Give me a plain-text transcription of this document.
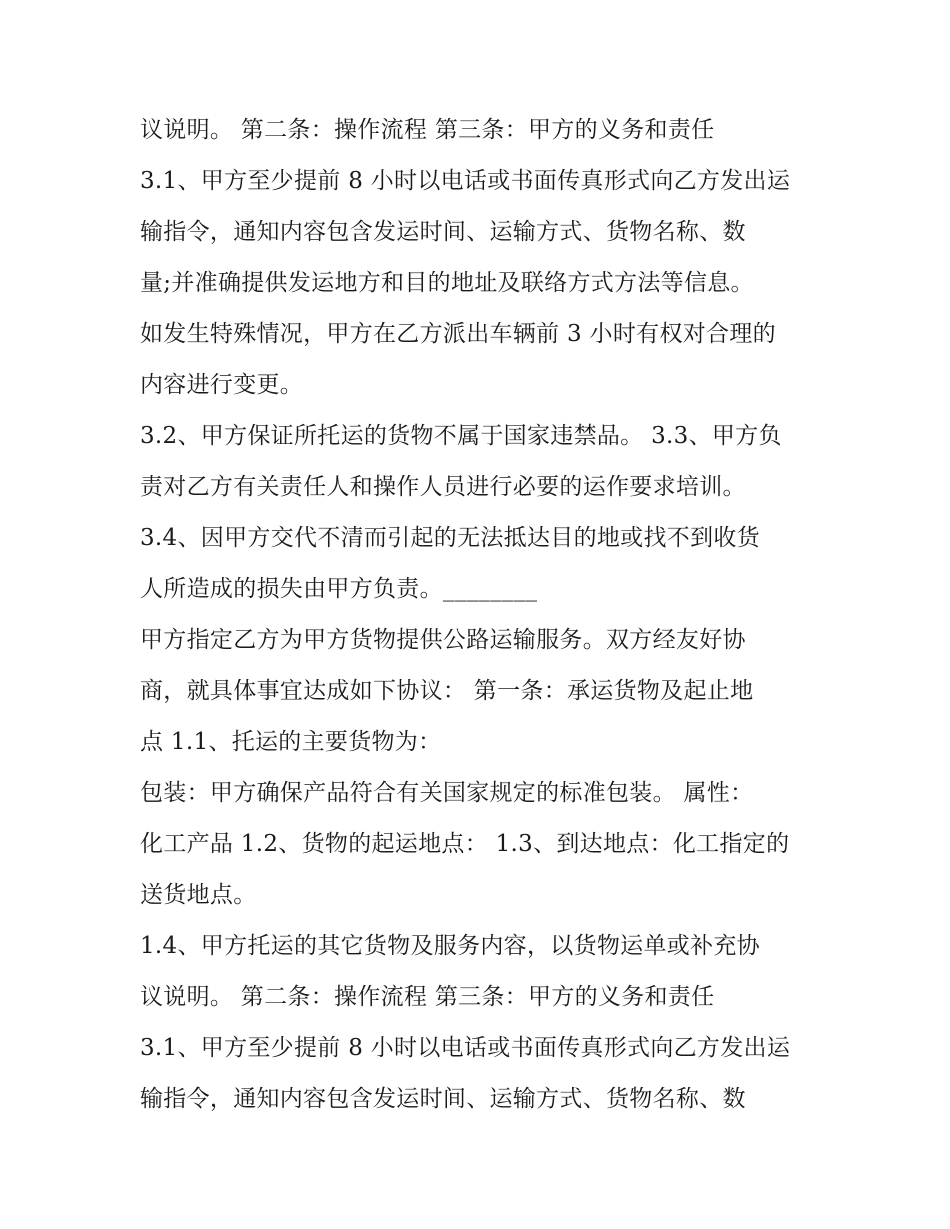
议说明。 第二条：操作流程 第三条：甲方的义务和责任
3.1、甲方至少提前 8 小时以电话或书面传真形式向乙方发出运
输指令，通知内容包含发运时间、运输方式、货物名称、数
量;并准确提供发运地方和目的地址及联络方式方法等信息。
如发生特殊情况，甲方在乙方派出车辆前 3 小时有权对合理的
内容进行变更。
3.2、甲方保证所托运的货物不属于国家违禁品。 3.3、甲方负
责对乙方有关责任人和操作人员进行必要的运作要求培训。
3.4、因甲方交代不清而引起的无法抵达目的地或找不到收货
人所造成的损失由甲方负责。________
甲方指定乙方为甲方货物提供公路运输服务。双方经友好协
商，就具体事宜达成如下协议： 第一条：承运货物及起止地
点 1.1、托运的主要货物为：
包装：甲方确保产品符合有关国家规定的标准包装。 属性：
化工产品 1.2、货物的起运地点： 1.3、到达地点：化工指定的
送货地点。
1.4、甲方托运的其它货物及服务内容，以货物运单或补充协
议说明。 第二条：操作流程 第三条：甲方的义务和责任
3.1、甲方至少提前 8 小时以电话或书面传真形式向乙方发出运
输指令，通知内容包含发运时间、运输方式、货物名称、数
